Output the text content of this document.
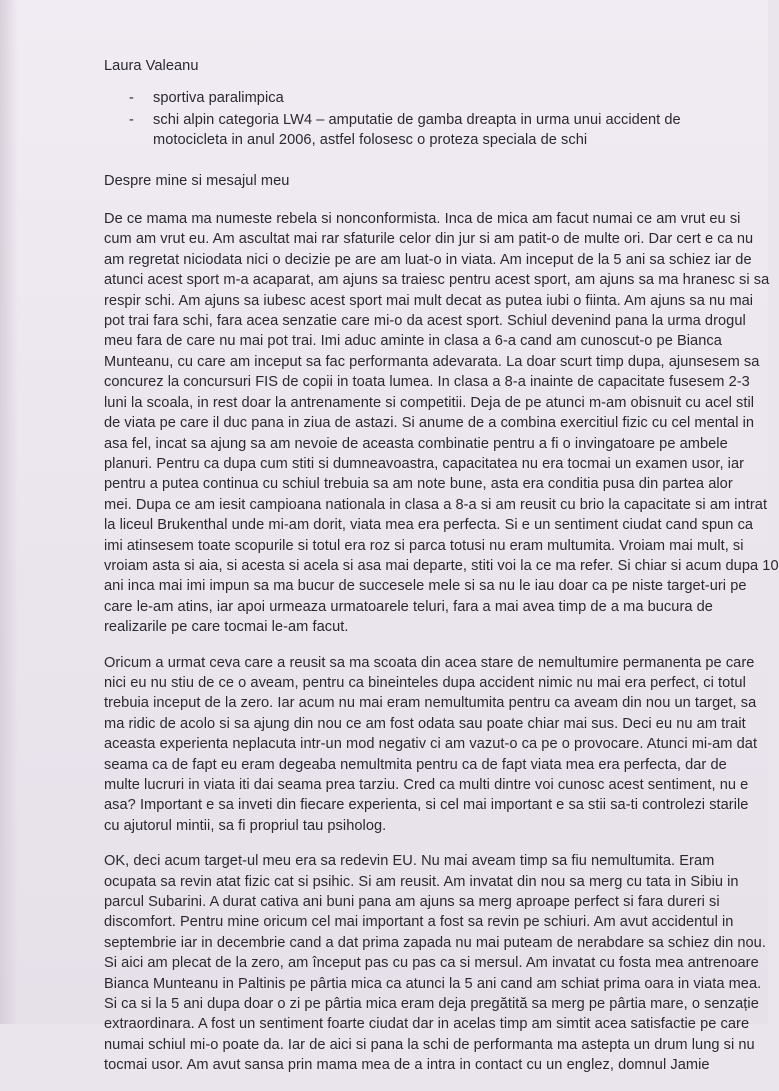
Laura Valeanu
- sportiva paralimpica
- schi alpin categoria LW4 – amputatie de gamba dreapta in urma unui accident de motocicleta in anul 2006, astfel folosesc o proteza speciala de schi
Despre mine si mesajul meu
De ce mama ma numeste rebela si nonconformista. Inca de mica am facut numai ce am vrut eu si
cum am vrut eu. Am ascultat mai rar sfaturile celor din jur si am patit-o de multe ori. Dar cert e ca nu
am regretat niciodata nici o decizie pe are am luat-o in viata. Am inceput de la 5 ani sa schiez iar de
atunci acest sport m-a acaparat, am ajuns sa traiesc pentru acest sport, am ajuns sa ma hranesc si sa
respir schi. Am ajuns sa iubesc acest sport mai mult decat as putea iubi o fiinta. Am ajuns sa nu mai
pot trai fara schi, fara acea senzatie care mi-o da acest sport. Schiul devenind pana la urma drogul
meu fara de care nu mai pot trai. Imi aduc aminte in clasa a 6-a cand am cunoscut-o pe Bianca
Munteanu, cu care am inceput sa fac performanta adevarata. La doar scurt timp dupa, ajunsesem sa
concurez la concursuri FIS de copii in toata lumea. In clasa a 8-a inainte de capacitate fusesem 2-3
luni la scoala, in rest doar la antrenamente si competitii. Deja de pe atunci m-am obisnuit cu acel stil
de viata pe care il duc pana in ziua de astazi. Si anume de a combina exercitiul fizic cu cel mental in
asa fel, incat sa ajung sa am nevoie de aceasta combinatie pentru a fi o invingatoare pe ambele
planuri. Pentru ca dupa cum stiti si dumneavoastra, capacitatea nu era tocmai un examen usor, iar
pentru a putea continua cu schiul trebuia sa am note bune, asta era conditia pusa din partea alor
mei. Dupa ce am iesit campioana nationala in clasa a 8-a si am reusit cu brio la capacitate si am intrat
la liceul Brukenthal unde mi-am dorit, viata mea era perfecta. Si e un sentiment ciudat cand spun ca
imi atinsesem toate scopurile si totul era roz si parca totusi nu eram multumita. Vroiam mai mult, si
vroiam asta si aia, si acesta si acela si asa mai departe, stiti voi la ce ma refer. Si chiar si acum dupa 10
ani inca mai imi impun sa ma bucur de succesele mele si sa nu le iau doar ca pe niste target-uri pe
care le-am atins, iar apoi urmeaza urmatoarele teluri, fara a mai avea timp de a ma bucura de
realizarile pe care tocmai le-am facut.
Oricum a urmat ceva care a reusit sa ma scoata din acea stare de nemultumire permanenta pe care
nici eu nu stiu de ce o aveam, pentru ca bineinteles dupa accident nimic nu mai era perfect, ci totul
trebuia inceput de la zero. Iar acum nu mai eram nemultumita pentru ca aveam din nou un target, sa
ma ridic de acolo si sa ajung din nou ce am fost odata sau poate chiar mai sus. Deci eu nu am trait
aceasta experienta neplacuta intr-un mod negativ ci am vazut-o ca pe o provocare. Atunci mi-am dat
seama ca de fapt eu eram degeaba nemultmita pentru ca de fapt viata mea era perfecta, dar de
multe lucruri in viata iti dai seama prea tarziu. Cred ca multi dintre voi cunosc acest sentiment, nu e
asa? Important e sa inveti din fiecare experienta, si cel mai important e sa stii sa-ti controlezi starile
cu ajutorul mintii, sa fi propriul tau psiholog.
OK, deci acum target-ul meu era sa redevin EU. Nu mai aveam timp sa fiu nemultumita. Eram
ocupata sa revin atat fizic cat si psihic. Si am reusit. Am invatat din nou sa merg cu tata in Sibiu in
parcul Subarini. A durat cativa ani buni pana am ajuns sa merg aproape perfect si fara dureri si
discomfort. Pentru mine oricum cel mai important a fost sa revin pe schiuri. Am avut accidentul in
septembrie iar in decembrie cand a dat prima zapada nu mai puteam de nerabdare sa schiez din nou.
Si aici am plecat de la zero, am început pas cu pas ca si mersul. Am invatat cu fosta mea antrenoare
Bianca Munteanu in Paltinis pe pârtia mica ca atunci la 5 ani cand am schiat prima oara in viata mea.
Si ca si la 5 ani dupa doar o zi pe pârtia mica eram deja pregătită sa merg pe pârtia mare, o senzație
extraordinara. A fost un sentiment foarte ciudat dar in acelas timp am simtit acea satisfactie pe care
numai schiul mi-o poate da. Iar de aici si pana la schi de performanta ma astepta un drum lung si nu
tocmai usor. Am avut sansa prin mama mea de a intra in contact cu un englez, domnul Jamie
